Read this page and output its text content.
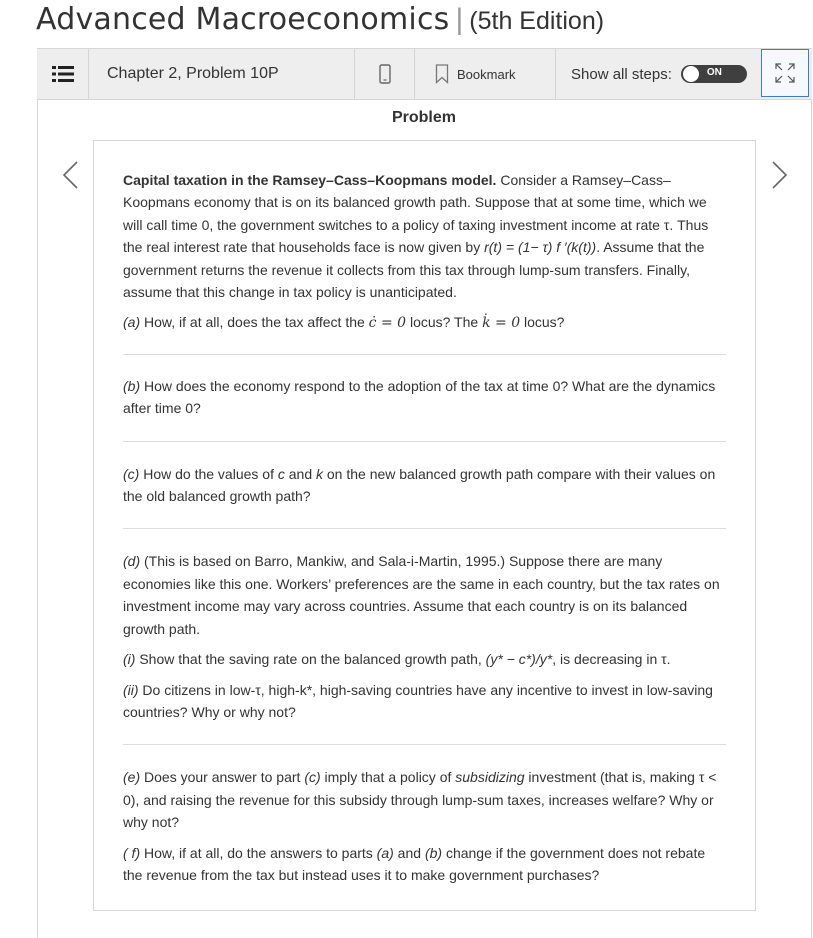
Advanced Macroeconomics | (5th Edition)
Chapter 2, Problem 10P	Bookmark	Show all steps:	ON
Problem

Capital taxation in the Ramsey–Cass–Koopmans model. Consider a Ramsey–Cass–Koopmans economy that is on its balanced growth path. Suppose that at some time, which we will call time 0, the government switches to a policy of taxing investment income at rate τ. Thus the real interest rate that households face is now given by r(t) = (1− τ) f ′(k(t)). Assume that the government returns the revenue it collects from this tax through lump-sum transfers. Finally, assume that this change in tax policy is unanticipated.

(a) How, if at all, does the tax affect the ċ = 0 locus? The k̇ = 0 locus?

(b) How does the economy respond to the adoption of the tax at time 0? What are the dynamics after time 0?

(c) How do the values of c and k on the new balanced growth path compare with their values on the old balanced growth path?

(d) (This is based on Barro, Mankiw, and Sala-i-Martin, 1995.) Suppose there are many economies like this one. Workers’ preferences are the same in each country, but the tax rates on investment income may vary across countries. Assume that each country is on its balanced growth path.

(i) Show that the saving rate on the balanced growth path, (y* − c*)/y*, is decreasing in τ.

(ii) Do citizens in low-τ, high-k*, high-saving countries have any incentive to invest in low-saving countries? Why or why not?

(e) Does your answer to part (c) imply that a policy of subsidizing investment (that is, making τ < 0), and raising the revenue for this subsidy through lump-sum taxes, increases welfare? Why or why not?

( f) How, if at all, do the answers to parts (a) and (b) change if the government does not rebate the revenue from the tax but instead uses it to make government purchases?
